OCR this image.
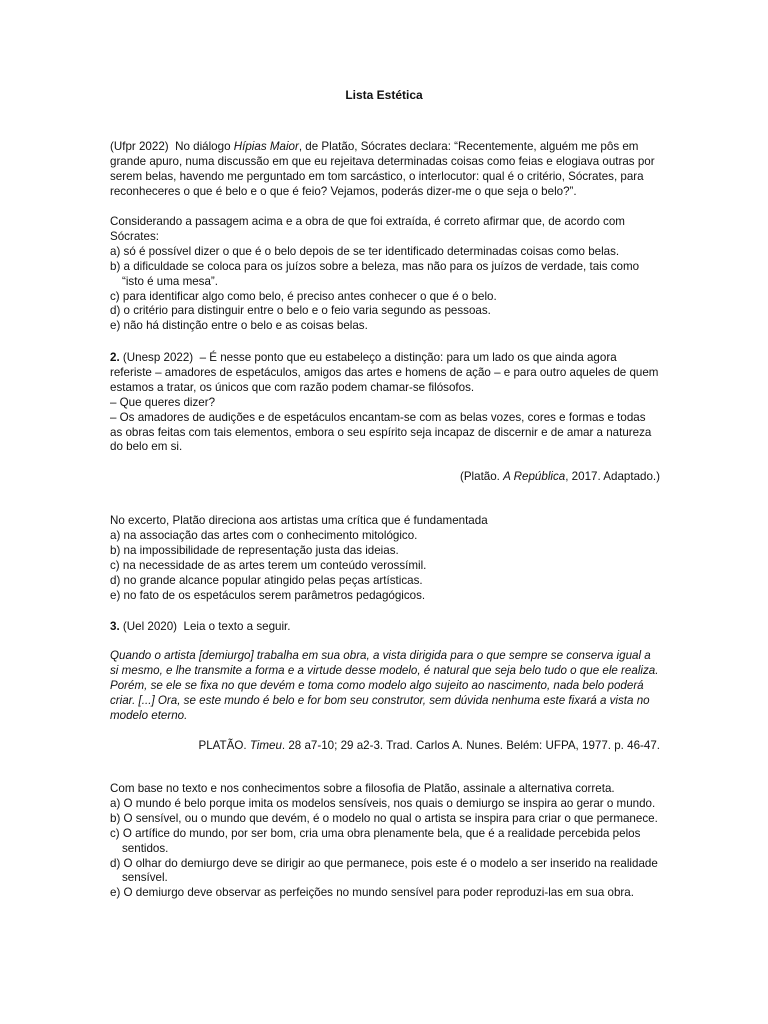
Lista Estética

(Ufpr 2022) No diálogo Hípias Maior, de Platão, Sócrates declara: “Recentemente, alguém me pôs em grande apuro, numa discussão em que eu rejeitava determinadas coisas como feias e elogiava outras por serem belas, havendo me perguntado em tom sarcástico, o interlocutor: qual é o critério, Sócrates, para reconheceres o que é belo e o que é feio? Vejamos, poderás dizer-me o que seja o belo?”.

Considerando a passagem acima e a obra de que foi extraída, é correto afirmar que, de acordo com Sócrates:

a) só é possível dizer o que é o belo depois de se ter identificado determinadas coisas como belas.

b) a dificuldade se coloca para os juízos sobre a beleza, mas não para os juízos de verdade, tais como “isto é uma mesa”.

c) para identificar algo como belo, é preciso antes conhecer o que é o belo.

d) o critério para distinguir entre o belo e o feio varia segundo as pessoas.

e) não há distinção entre o belo e as coisas belas.

2. (Unesp 2022) – É nesse ponto que eu estabeleço a distinção: para um lado os que ainda agora referiste – amadores de espetáculos, amigos das artes e homens de ação – e para outro aqueles de quem estamos a tratar, os únicos que com razão podem chamar-se filósofos.

– Que queres dizer?

– Os amadores de audições e de espetáculos encantam-se com as belas vozes, cores e formas e todas as obras feitas com tais elementos, embora o seu espírito seja incapaz de discernir e de amar a natureza do belo em si.

(Platão. A República, 2017. Adaptado.)

No excerto, Platão direciona aos artistas uma crítica que é fundamentada

a) na associação das artes com o conhecimento mitológico.

b) na impossibilidade de representação justa das ideias.

c) na necessidade de as artes terem um conteúdo verossímil.

d) no grande alcance popular atingido pelas peças artísticas.

e) no fato de os espetáculos serem parâmetros pedagógicos.

3. (Uel 2020) Leia o texto a seguir.

Quando o artista [demiurgo] trabalha em sua obra, a vista dirigida para o que sempre se conserva igual a si mesmo, e lhe transmite a forma e a virtude desse modelo, é natural que seja belo tudo o que ele realiza. Porém, se ele se fixa no que devém e toma como modelo algo sujeito ao nascimento, nada belo poderá criar. [...] Ora, se este mundo é belo e for bom seu construtor, sem dúvida nenhuma este fixará a vista no modelo eterno.

PLATÃO. Timeu. 28 a7-10; 29 a2-3. Trad. Carlos A. Nunes. Belém: UFPA, 1977. p. 46-47.

Com base no texto e nos conhecimentos sobre a filosofia de Platão, assinale a alternativa correta.

a) O mundo é belo porque imita os modelos sensíveis, nos quais o demiurgo se inspira ao gerar o mundo.

b) O sensível, ou o mundo que devém, é o modelo no qual o artista se inspira para criar o que permanece.

c) O artífice do mundo, por ser bom, cria uma obra plenamente bela, que é a realidade percebida pelos sentidos.

d) O olhar do demiurgo deve se dirigir ao que permanece, pois este é o modelo a ser inserido na realidade sensível.

e) O demiurgo deve observar as perfeições no mundo sensível para poder reproduzi-las em sua obra.
